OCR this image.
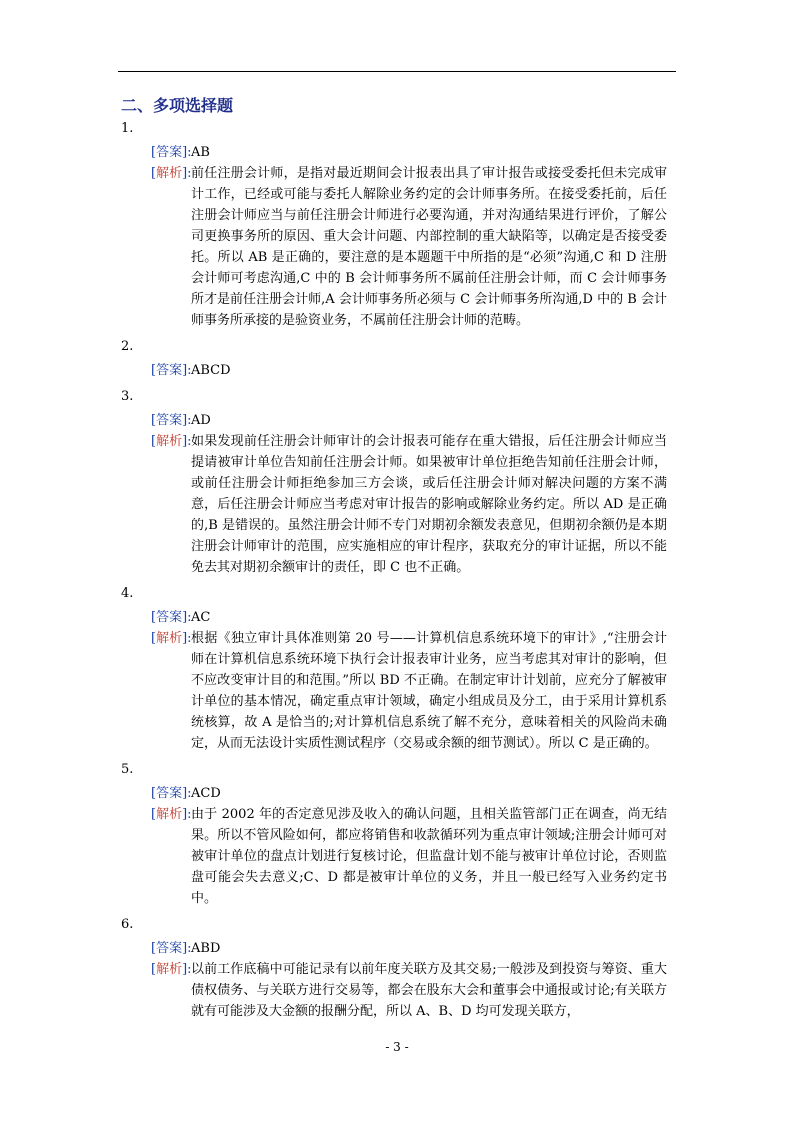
二、多项选择题
1.
[答案]: AB
[解析]: 前任注册会计师，是指对最近期间会计报表出具了审计报告或接受委托但未完成审计工作，已经或可能与委托人解除业务约定的会计师事务所。在接受委托前，后任注册会计师应当与前任注册会计师进行必要沟通，并对沟通结果进行评价，了解公司更换事务所的原因、重大会计问题、内部控制的重大缺陷等，以确定是否接受委托。所以 AB 是正确的，要注意的是本题题干中所指的是“必须”沟通,C 和 D 注册会计师可考虑沟通,C 中的 B 会计师事务所不属前任注册会计师，而 C 会计师事务所才是前任注册会计师,A 会计师事务所必须与 C 会计师事务所沟通,D 中的 B 会计师事务所承接的是验资业务，不属前任注册会计师的范畴。
2.
[答案]: ABCD
3.
[答案]: AD
[解析]: 如果发现前任注册会计师审计的会计报表可能存在重大错报，后任注册会计师应当提请被审计单位告知前任注册会计师。如果被审计单位拒绝告知前任注册会计师，或前任注册会计师拒绝参加三方会谈，或后任注册会计师对解决问题的方案不满意，后任注册会计师应当考虑对审计报告的影响或解除业务约定。所以 AD 是正确的,B 是错误的。虽然注册会计师不专门对期初余额发表意见，但期初余额仍是本期注册会计师审计的范围，应实施相应的审计程序，获取充分的审计证据，所以不能免去其对期初余额审计的责任，即 C 也不正确。
4.
[答案]: AC
[解析]: 根据《独立审计具体准则第 20 号——计算机信息系统环境下的审计》,“注册会计师在计算机信息系统环境下执行会计报表审计业务，应当考虑其对审计的影响，但不应改变审计目的和范围。”所以 BD 不正确。在制定审计计划前，应充分了解被审计单位的基本情况，确定重点审计领域，确定小组成员及分工，由于采用计算机系统核算，故 A 是恰当的;对计算机信息系统了解不充分，意味着相关的风险尚未确定，从而无法设计实质性测试程序（交易或余额的细节测试）。所以 C 是正确的。
5.
[答案]: ACD
[解析]: 由于 2002 年的否定意见涉及收入的确认问题，且相关监管部门正在调查，尚无结果。所以不管风险如何，都应将销售和收款循环列为重点审计领域;注册会计师可对被审计单位的盘点计划进行复核讨论，但监盘计划不能与被审计单位讨论，否则监盘可能会失去意义;C、D 都是被审计单位的义务，并且一般已经写入业务约定书中。
6.
[答案]: ABD
[解析]: 以前工作底稿中可能记录有以前年度关联方及其交易;一般涉及到投资与筹资、重大债权债务、与关联方进行交易等，都会在股东大会和董事会中通报或讨论;有关联方就有可能涉及大金额的报酬分配，所以 A、B、D 均可发现关联方，
- 3 -
